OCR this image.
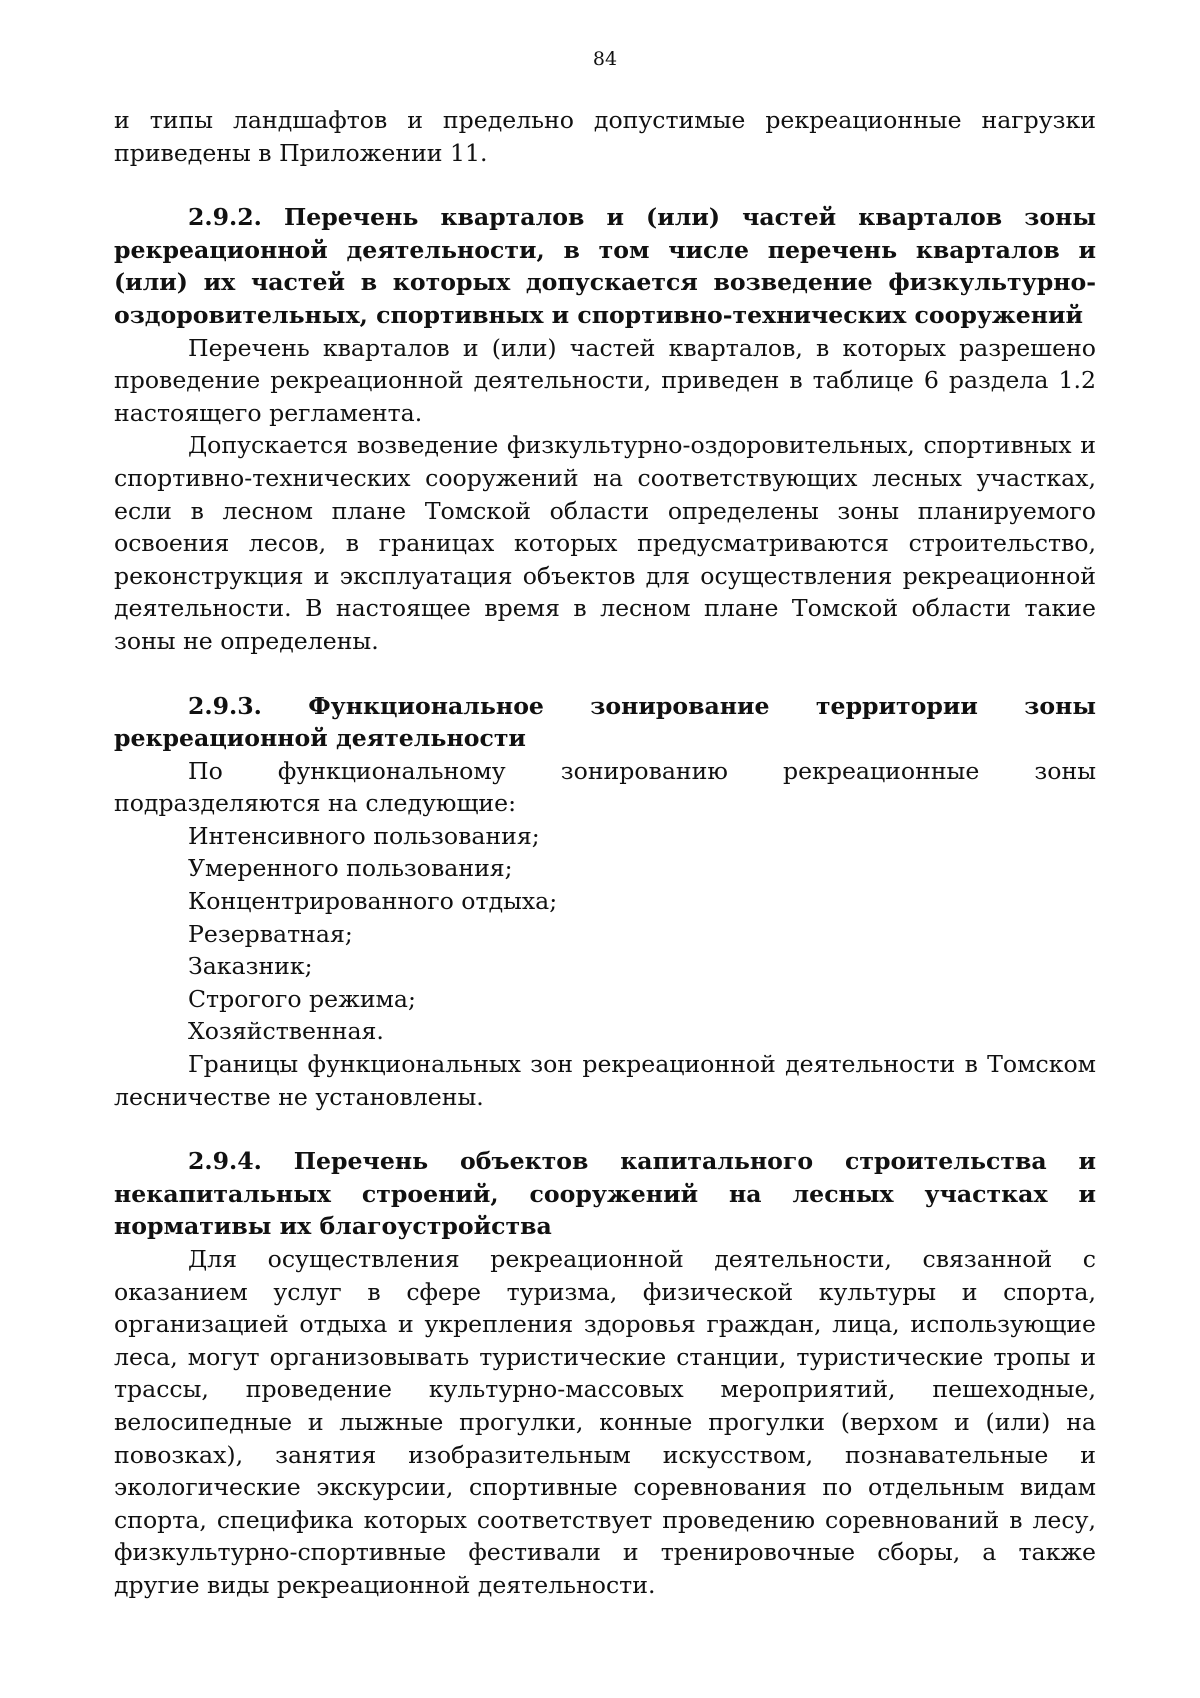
84

и типы ландшафтов и предельно допустимые рекреационные нагрузки приведены в Приложении 11.

2.9.2. Перечень кварталов и (или) частей кварталов зоны рекреационной деятельности, в том числе перечень кварталов и (или) их частей в которых допускается возведение физкультурно-оздоровительных, спортивных и спортивно-технических сооружений

Перечень кварталов и (или) частей кварталов, в которых разрешено проведение рекреационной деятельности, приведен в таблице 6 раздела 1.2 настоящего регламента.

Допускается возведение физкультурно-оздоровительных, спортивных и спортивно-технических сооружений на соответствующих лесных участках, если в лесном плане Томской области определены зоны планируемого освоения лесов, в границах которых предусматриваются строительство, реконструкция и эксплуатация объектов для осуществления рекреационной деятельности. В настоящее время в лесном плане Томской области такие зоны не определены.

2.9.3. Функциональное зонирование территории зоны рекреационной деятельности

По функциональному зонированию рекреационные зоны подразделяются на следующие:

Интенсивного пользования;

Умеренного пользования;

Концентрированного отдыха;

Резерватная;

Заказник;

Строгого режима;

Хозяйственная.

Границы функциональных зон рекреационной деятельности в Томском лесничестве не установлены.

2.9.4. Перечень объектов капитального строительства и некапитальных строений, сооружений на лесных участках и нормативы их благоустройства

Для осуществления рекреационной деятельности, связанной с оказанием услуг в сфере туризма, физической культуры и спорта, организацией отдыха и укрепления здоровья граждан, лица, использующие леса, могут организовывать туристические станции, туристические тропы и трассы, проведение культурно-массовых мероприятий, пешеходные, велосипедные и лыжные прогулки, конные прогулки (верхом и (или) на повозках), занятия изобразительным искусством, познавательные и экологические экскурсии, спортивные соревнования по отдельным видам спорта, специфика которых соответствует проведению соревнований в лесу, физкультурно-спортивные фестивали и тренировочные сборы, а также другие виды рекреационной деятельности.
